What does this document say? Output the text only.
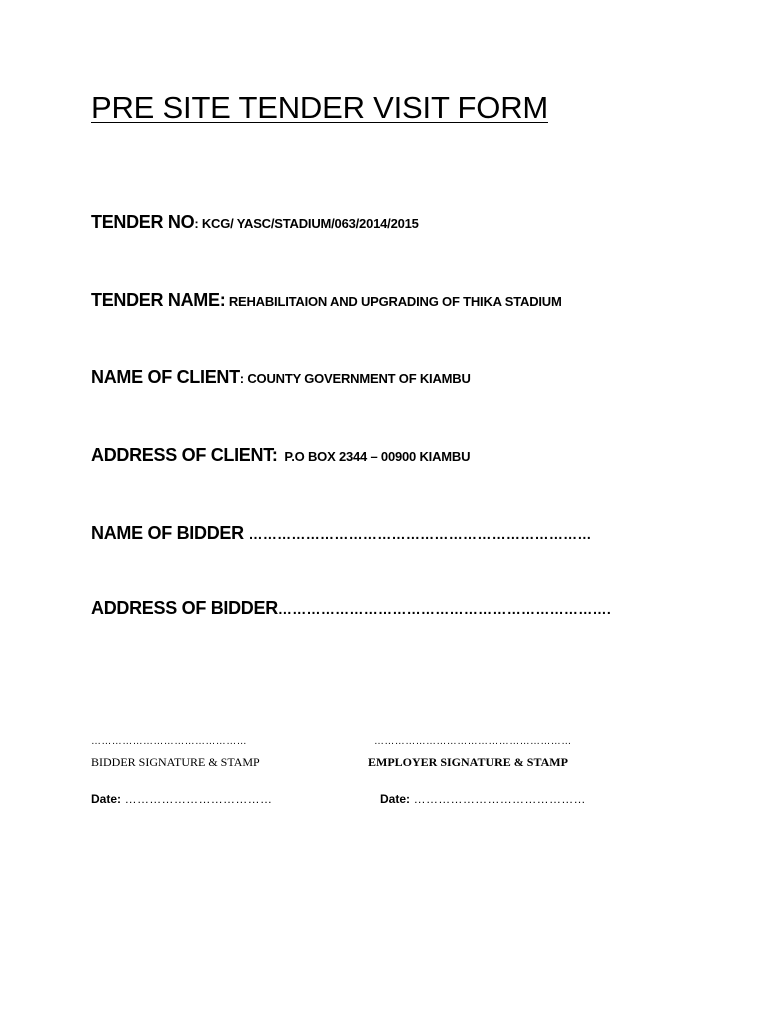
PRE SITE TENDER VISIT FORM
TENDER NO: KCG/ YASC/STADIUM/063/2014/2015
TENDER NAME: REHABILITAION AND UPGRADING OF THIKA STADIUM
NAME OF CLIENT: COUNTY GOVERNMENT OF KIAMBU
ADDRESS OF CLIENT:  P.O BOX 2344 – 00900 KIAMBU
NAME OF BIDDER ………………………………………………………………
ADDRESS OF BIDDER…………………………………………………………….
………………………………………
BIDDER SIGNATURE & STAMP
Date: ………………………………
…………………………………………………
EMPLOYER SIGNATURE & STAMP
Date: ……………………………………
